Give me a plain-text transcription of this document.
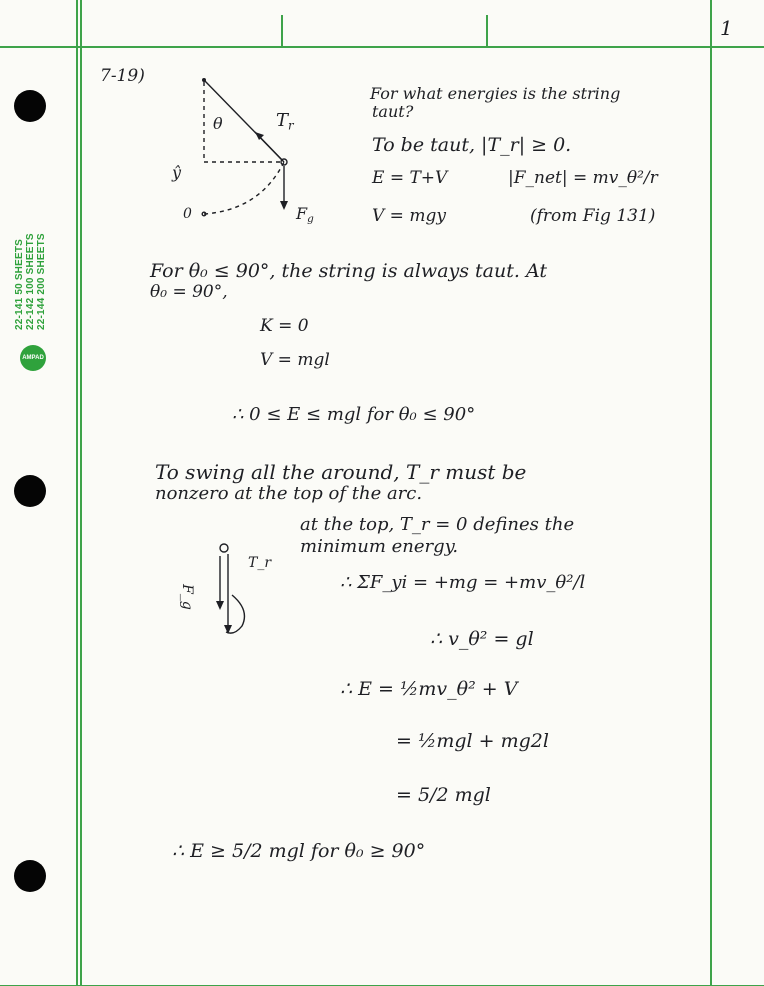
22-141 50 SHEETS 22-142 100 SHEETS 22-144 200 SHEETS
AMPAD
1
7-19)
θ	$T_r$
$F_g$
ŷ
0
For what energies is the string
taut?
To be taut, |T_r| ≥ 0.
E = T+V	|F_net| = mv_θ²/r
V = mgy	(from Fig 131)
For θ₀ ≤ 90°, the string is always taut. At
θ₀ = 90°,
K = 0
V = mgl
∴ 0 ≤ E ≤ mgl for θ₀ ≤ 90°
To swing all the around, T_r must be
nonzero at the top of the arc.
at the top, T_r = 0 defines the
minimum energy.
F_g
T_r
∴ ΣF_yi = +mg = +mv_θ²/l
∴ v_θ² = gl
∴ E = ½mv_θ² + V
= ½mgl + mg2l
= 5/2 mgl
∴ E ≥ 5/2 mgl for θ₀ ≥ 90°
